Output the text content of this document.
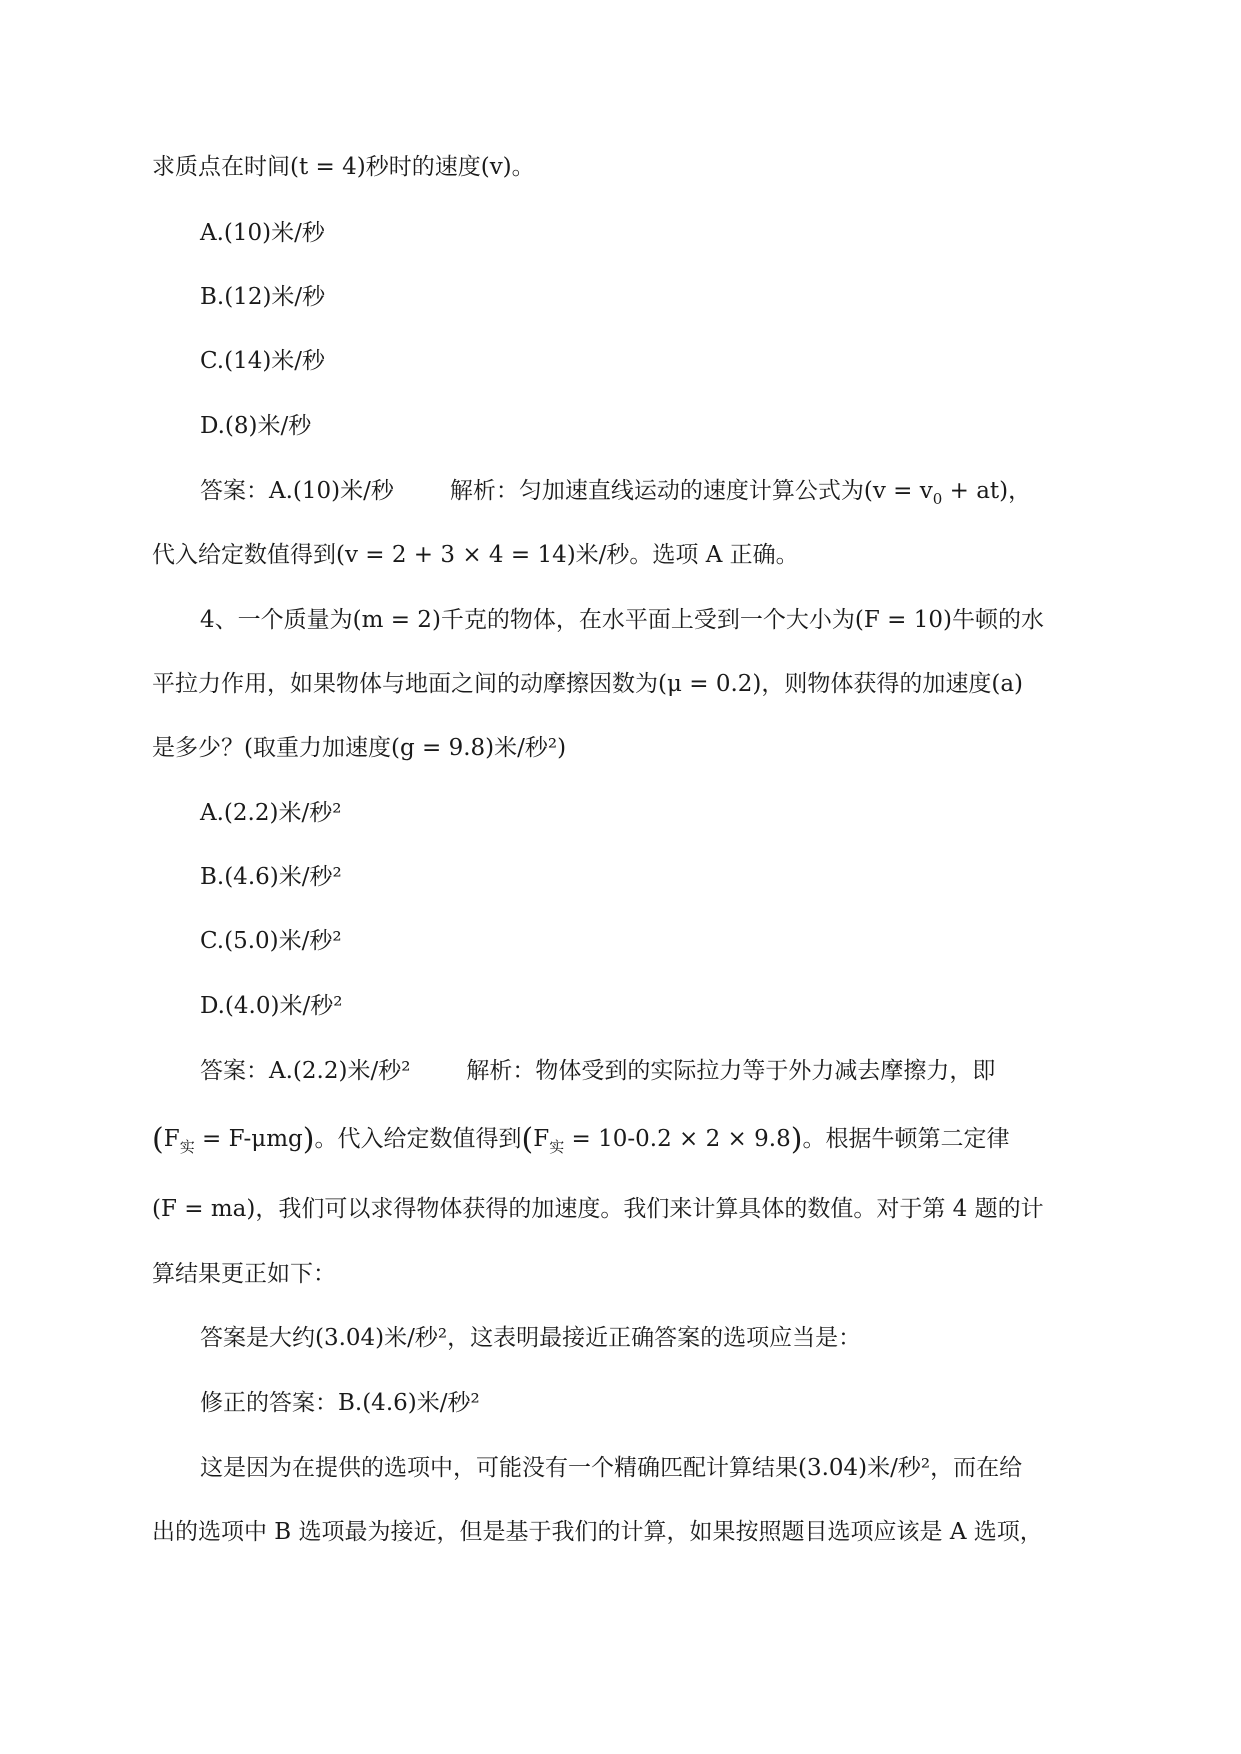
求质点在时间(t = 4)秒时的速度(v)。
A.(10)米/秒
B.(12)米/秒
C.(14)米/秒
D.(8)米/秒
答案：A.(10)米/秒 解析：匀加速直线运动的速度计算公式为$(v = v_0 + at)$，
代入给定数值得到(v = 2 + 3 × 4 = 14)米/秒。选项 A 正确。
4、一个质量为(m = 2)千克的物体，在水平面上受到一个大小为(F = 10)牛顿的水
平拉力作用，如果物体与地面之间的动摩擦因数为(μ = 0.2)，则物体获得的加速度(a)
是多少？(取重力加速度(g = 9.8)米/秒²)
A.(2.2)米/秒²
B.(4.6)米/秒²
C.(5.0)米/秒²
D.(4.0)米/秒²
答案：A.(2.2)米/秒² 解析：物体受到的实际拉力等于外力减去摩擦力，即
$(F_实 = F-\mu mg)$。代入给定数值得到$(F_实 = 10-0.2 \times 2 \times 9.8)$。根据牛顿第二定律
(F = ma)，我们可以求得物体获得的加速度。我们来计算具体的数值。对于第 4 题的计
算结果更正如下：
答案是大约(3.04)米/秒²，这表明最接近正确答案的选项应当是：
修正的答案：B.(4.6)米/秒²
这是因为在提供的选项中，可能没有一个精确匹配计算结果(3.04)米/秒²，而在给
出的选项中 B 选项最为接近，但是基于我们的计算，如果按照题目选项应该是 A 选项，
